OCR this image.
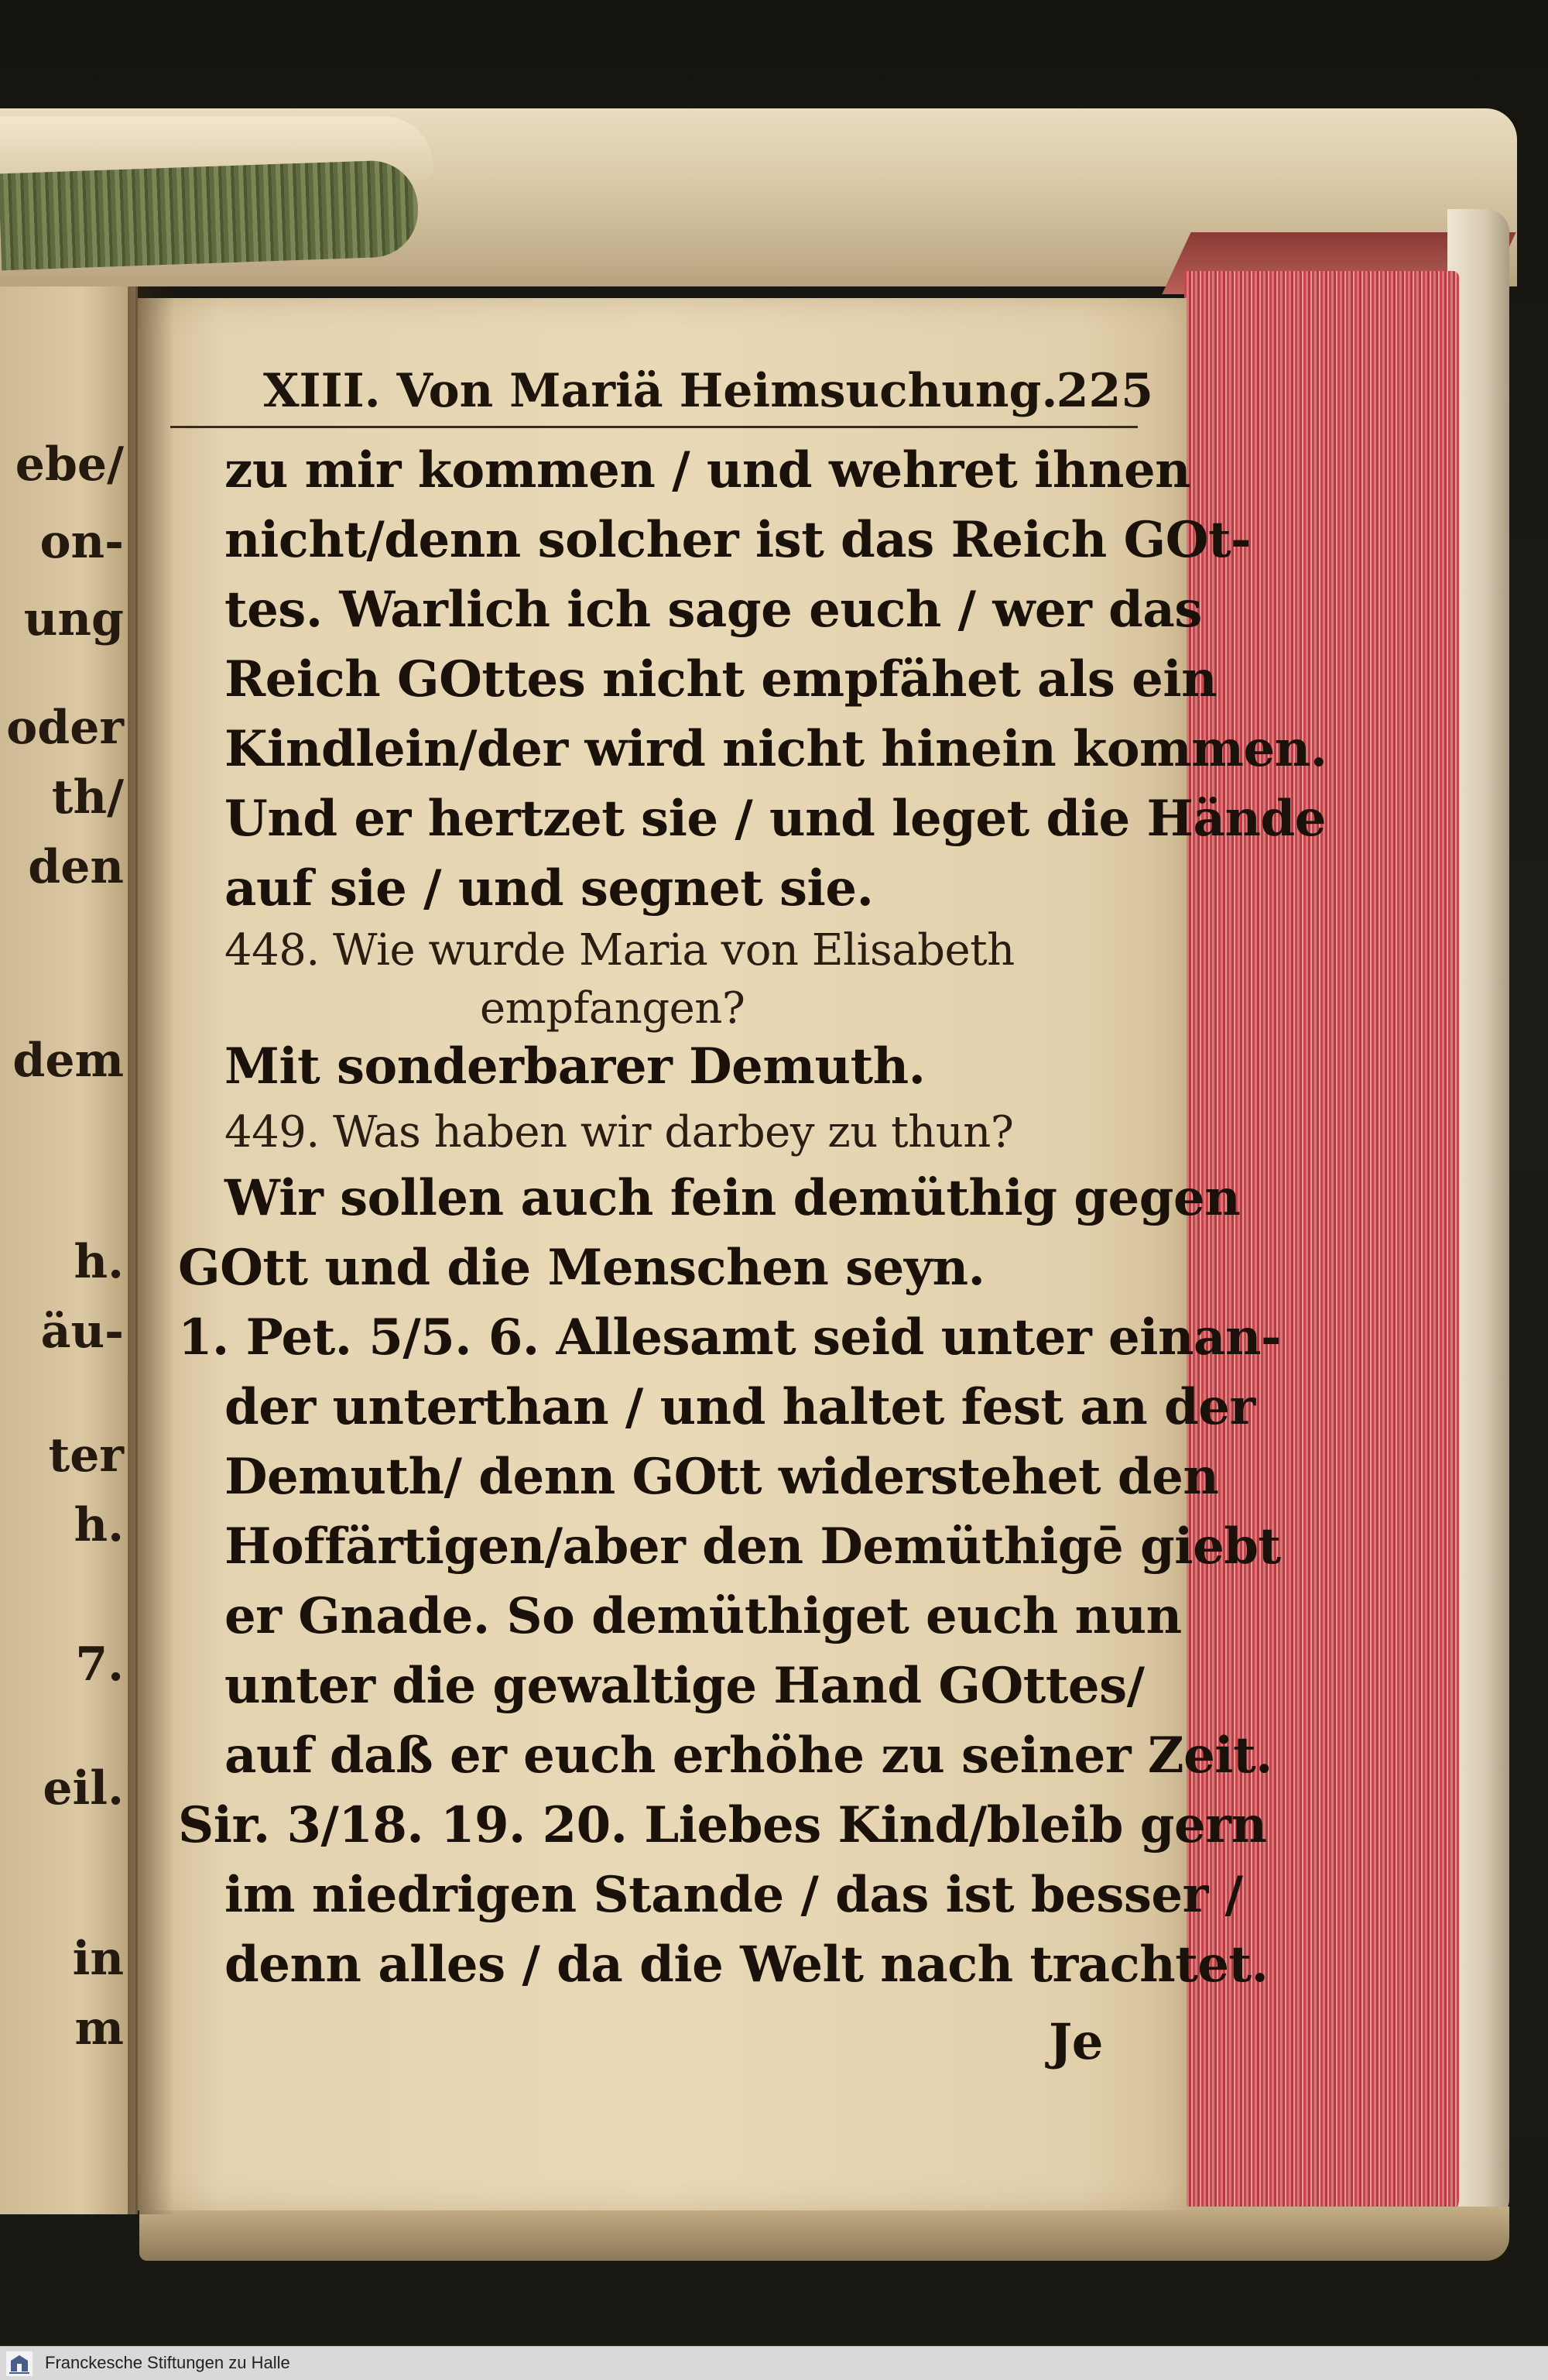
ebe/
on-
ung
oder
th/
den
dem
h.
äu-
ter
h.
7.
eil.
in
m
XIII. Von Mariä Heimsuchung.
225
zu mir kommen / und wehret ihnen
nicht/denn solcher ist das Reich GOt-
tes. Warlich ich sage euch / wer das
Reich GOttes nicht empfähet als ein
Kindlein/der wird nicht hinein kommen.
Und er hertzet sie / und leget die Hände
auf sie / und segnet sie.
448. Wie wurde Maria von Elisabeth
empfangen?
Mit sonderbarer Demuth.
449. Was haben wir darbey zu thun?
Wir sollen auch fein demüthig gegen
GOtt und die Menschen seyn.
1. Pet. 5/5. 6. Allesamt seid unter einan-
der unterthan / und haltet fest an der
Demuth/ denn GOtt widerstehet den
Hoffärtigen/aber den Demüthigē giebt
er Gnade. So demüthiget euch nun
unter die gewaltige Hand GOttes/
auf daß er euch erhöhe zu seiner Zeit.
Sir. 3/18. 19. 20. Liebes Kind/bleib gern
im niedrigen Stande / das ist besser /
denn alles / da die Welt nach trachtet.
Je
Franckesche Stiftungen zu Halle
